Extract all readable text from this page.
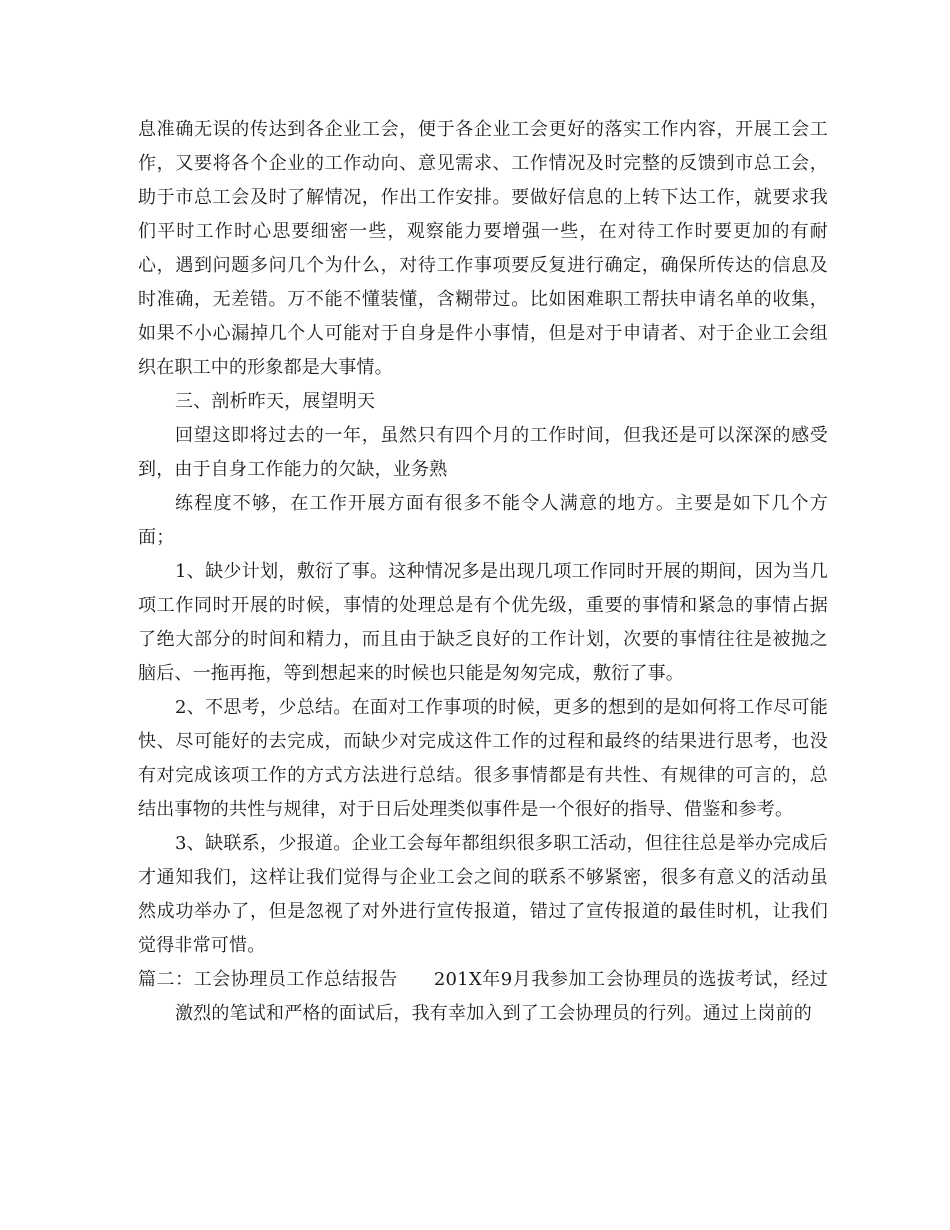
息准确无误的传达到各企业工会，便于各企业工会更好的落实工作内容，开展工会工作，又要将各个企业的工作动向、意见需求、工作情况及时完整的反馈到市总工会，助于市总工会及时了解情况，作出工作安排。要做好信息的上转下达工作，就要求我们平时工作时心思要细密一些，观察能力要增强一些，在对待工作时要更加的有耐心，遇到问题多问几个为什么，对待工作事项要反复进行确定，确保所传达的信息及时准确，无差错。万不能不懂装懂，含糊带过。比如困难职工帮扶申请名单的收集，如果不小心漏掉几个人可能对于自身是件小事情，但是对于申请者、对于企业工会组织在职工中的形象都是大事情。

三、剖析昨天，展望明天

回望这即将过去的一年，虽然只有四个月的工作时间，但我还是可以深深的感受到，由于自身工作能力的欠缺，业务熟

练程度不够，在工作开展方面有很多不能令人满意的地方。主要是如下几个方面；

1、缺少计划，敷衍了事。这种情况多是出现几项工作同时开展的期间，因为当几项工作同时开展的时候，事情的处理总是有个优先级，重要的事情和紧急的事情占据了绝大部分的时间和精力，而且由于缺乏良好的工作计划，次要的事情往往是被抛之脑后、一拖再拖，等到想起来的时候也只能是匆匆完成，敷衍了事。

2、不思考，少总结。在面对工作事项的时候，更多的想到的是如何将工作尽可能快、尽可能好的去完成，而缺少对完成这件工作的过程和最终的结果进行思考，也没有对完成该项工作的方式方法进行总结。很多事情都是有共性、有规律的可言的，总结出事物的共性与规律，对于日后处理类似事件是一个很好的指导、借鉴和参考。

3、缺联系，少报道。企业工会每年都组织很多职工活动，但往往总是举办完成后才通知我们，这样让我们觉得与企业工会之间的联系不够紧密，很多有意义的活动虽然成功举办了，但是忽视了对外进行宣传报道，错过了宣传报道的最佳时机，让我们觉得非常可惜。

篇二：工会协理员工作总结报告 201X年9月我参加工会协理员的选拔考试，经过激烈的笔试和严格的面试后，我有幸加入到了工会协理员的行列。通过上岗前的
